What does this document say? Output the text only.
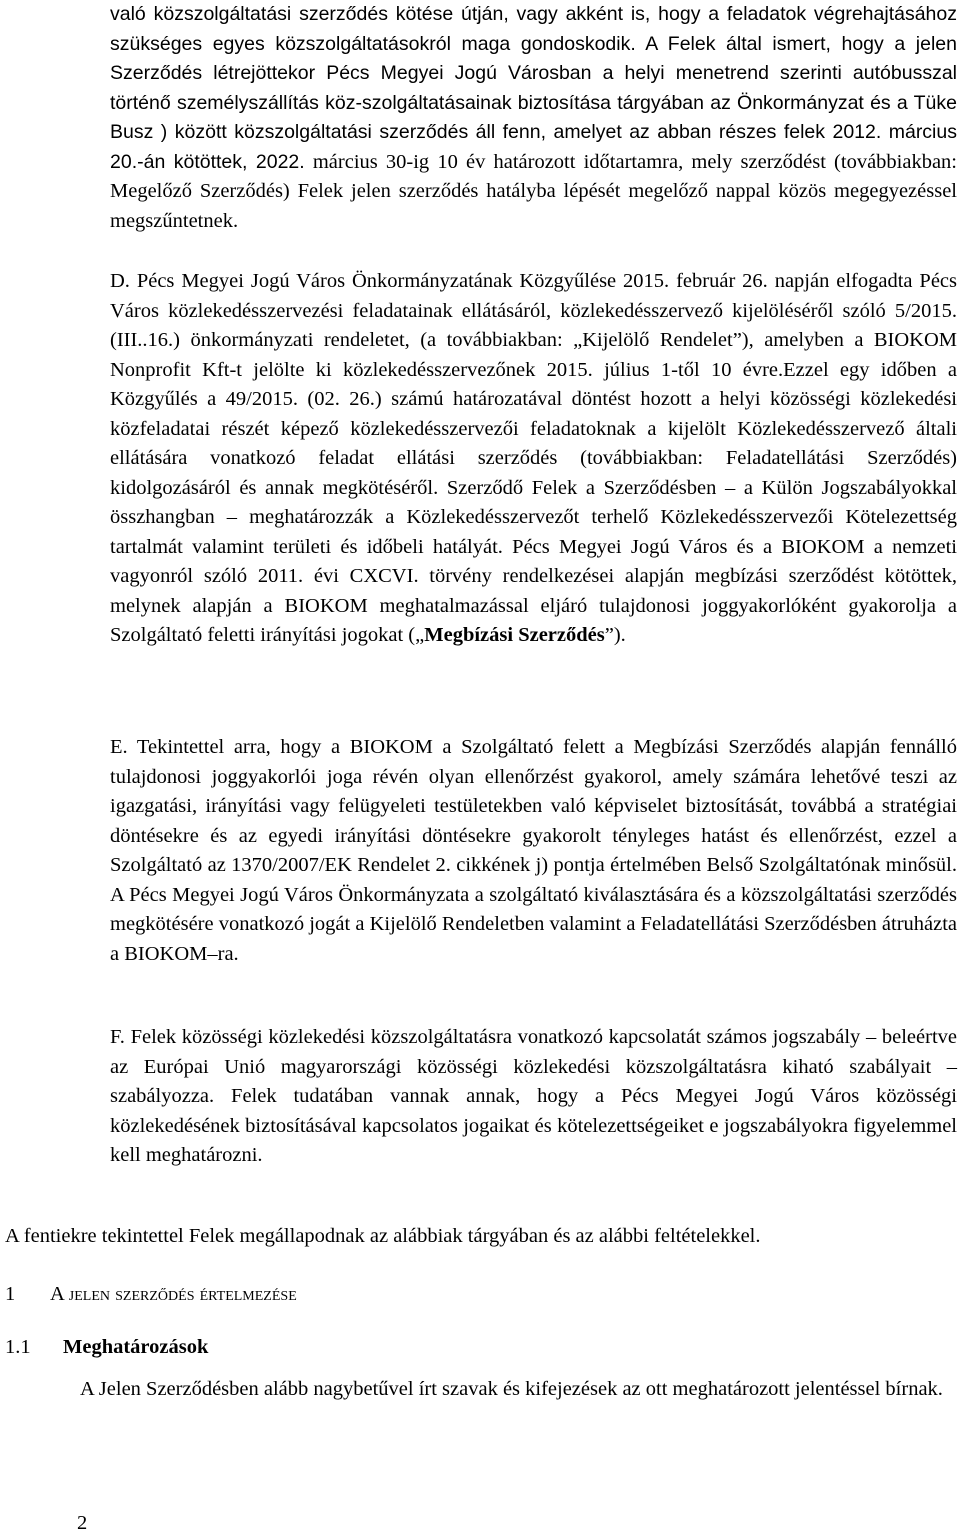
való közszolgáltatási szerződés kötése útján, vagy akként is, hogy a feladatok végrehajtásához szükséges egyes közszolgáltatásokról maga gondoskodik. A Felek által ismert, hogy a jelen Szerződés létrejöttekor Pécs Megyei Jogú Városban a helyi menetrend szerinti autóbusszal történő személyszállítás köz-szolgáltatásainak biztosítása tárgyában az Önkormányzat és a Tüke Busz ) között közszolgáltatási szerződés áll fenn, amelyet az abban részes felek 2012. március 20.-án kötöttek, 2022. március 30-ig 10 év határozott időtartamra, mely szerződést (továbbiakban: Megelőző Szerződés) Felek jelen szerződés hatályba lépését megelőző nappal közös megegyezéssel megszűntetnek.

D. Pécs Megyei Jogú Város Önkormányzatának Közgyűlése 2015. február 26. napján elfogadta Pécs Város közlekedésszervezési feladatainak ellátásáról, közlekedésszervező kijelöléséről szóló 5/2015. (III..16.) önkormányzati rendeletet, (a továbbiakban: „Kijelölő Rendelet”), amelyben a BIOKOM Nonprofit Kft-t jelölte ki közlekedésszervezőnek 2015. július 1-től 10 évre.Ezzel egy időben a Közgyűlés a 49/2015. (02. 26.) számú határozatával döntést hozott a helyi közösségi közlekedési közfeladatai részét képező közlekedésszervezői feladatoknak a kijelölt Közlekedésszervező általi ellátására vonatkozó feladat ellátási szerződés (továbbiakban: Feladatellátási Szerződés) kidolgozásáról és annak megkötéséről. Szerződő Felek a Szerződésben – a Külön Jogszabályokkal összhangban – meghatározzák a Közlekedésszervezőt terhelő Közlekedésszervezői Kötelezettség tartalmát valamint területi és időbeli hatályát. Pécs Megyei Jogú Város és a BIOKOM a nemzeti vagyonról szóló 2011. évi CXCVI. törvény rendelkezései alapján megbízási szerződést kötöttek, melynek alapján a BIOKOM meghatalmazással eljáró tulajdonosi joggyakorlóként gyakorolja a Szolgáltató feletti irányítási jogokat („Megbízási Szerződés”).

E. Tekintettel arra, hogy a BIOKOM a Szolgáltató felett a Megbízási Szerződés alapján fennálló tulajdonosi joggyakorlói joga révén olyan ellenőrzést gyakorol, amely számára lehetővé teszi az igazgatási, irányítási vagy felügyeleti testületekben való képviselet biztosítását, továbbá a stratégiai döntésekre és az egyedi irányítási döntésekre gyakorolt tényleges hatást és ellenőrzést, ezzel a Szolgáltató az 1370/2007/EK Rendelet 2. cikkének j) pontja értelmében Belső Szolgáltatónak minősül. A Pécs Megyei Jogú Város Önkormányzata a szolgáltató kiválasztására és a közszolgáltatási szerződés megkötésére vonatkozó jogát a Kijelölő Rendeletben valamint a Feladatellátási Szerződésben átruházta a BIOKOM–ra.

F. Felek közösségi közlekedési közszolgáltatásra vonatkozó kapcsolatát számos jogszabály – beleértve az Európai Unió magyarországi közösségi közlekedési közszolgáltatásra kiható szabályait – szabályozza. Felek tudatában vannak annak, hogy a Pécs Megyei Jogú Város közösségi közlekedésének biztosításával kapcsolatos jogaikat és kötelezettségeiket e jogszabályokra figyelemmel kell meghatározni.

A fentiekre tekintettel Felek megállapodnak az alábbiak tárgyában és az alábbi feltételekkel.

1 A jelen szerződés értelmezése
1.1 Meghatározások

A Jelen Szerződésben alább nagybetűvel írt szavak és kifejezések az ott meghatározott jelentéssel bírnak.

2
